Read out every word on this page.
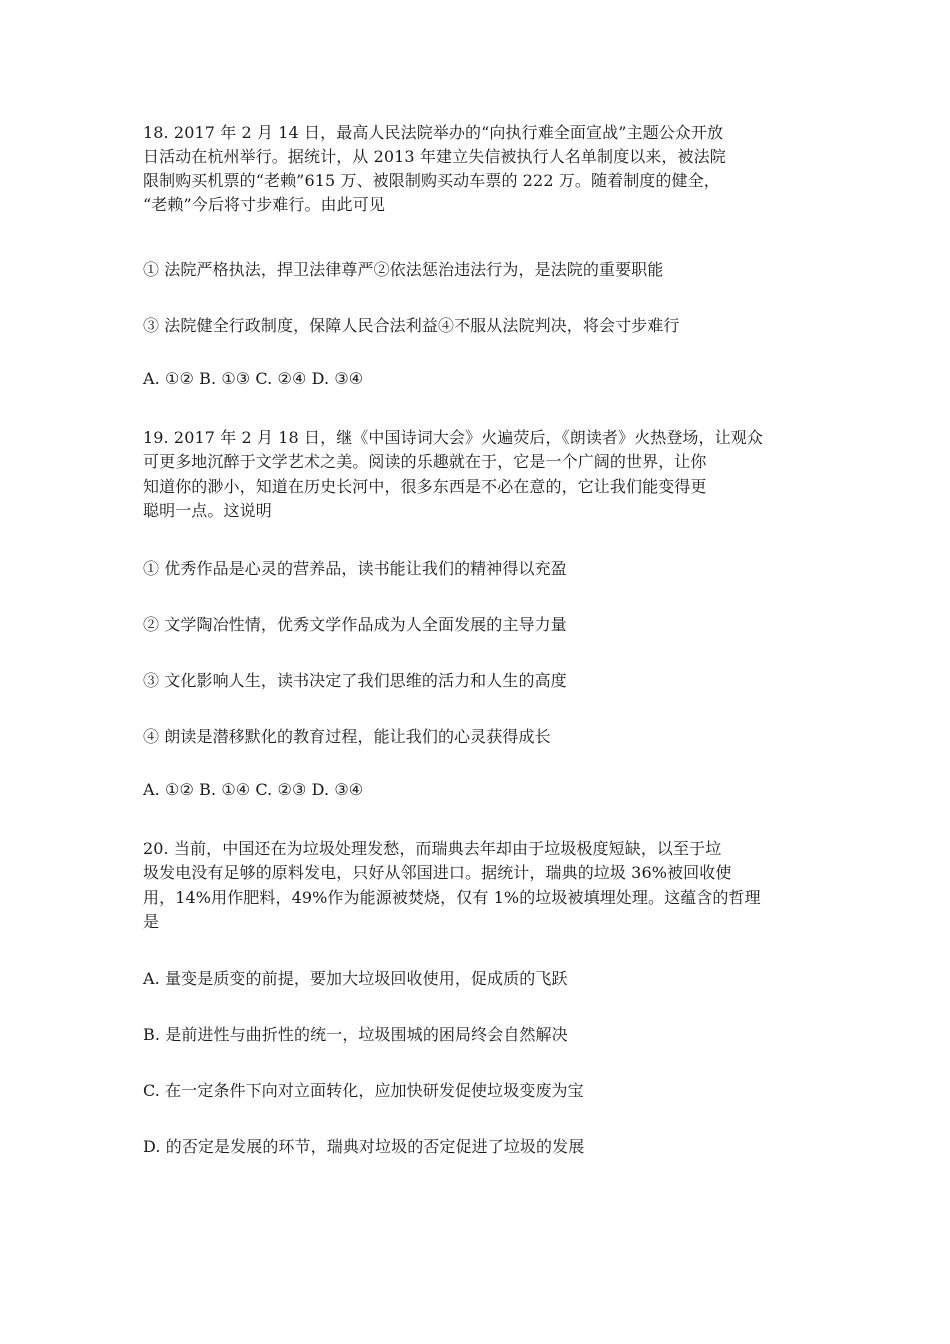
18. 2017 年 2 月 14 日，最高人民法院举办的“向执行难全面宣战”主题公众开放
日活动在杭州举行。据统计，从 2013 年建立失信被执行人名单制度以来，被法院
限制购买机票的“老赖”615 万、被限制购买动车票的 222 万。随着制度的健全，
“老赖”今后将寸步难行。由此可见
① 法院严格执法，捍卫法律尊严②依法惩治违法行为，是法院的重要职能
③ 法院健全行政制度，保障人民合法利益④不服从法院判决，将会寸步难行
A. ①② B. ①③ C. ②④ D. ③④
19. 2017 年 2 月 18 日，继《中国诗词大会》火遍荧后，《朗读者》火热登场，让观众
可更多地沉醉于文学艺术之美。阅读的乐趣就在于，它是一个广阔的世界，让你
知道你的渺小，知道在历史长河中，很多东西是不必在意的，它让我们能变得更
聪明一点。这说明
① 优秀作品是心灵的营养品，读书能让我们的精神得以充盈
② 文学陶冶性情，优秀文学作品成为人全面发展的主导力量
③ 文化影响人生，读书决定了我们思维的活力和人生的高度
④ 朗读是潜移默化的教育过程，能让我们的心灵获得成长
A. ①② B. ①④ C. ②③ D. ③④
20. 当前，中国还在为垃圾处理发愁，而瑞典去年却由于垃圾极度短缺，以至于垃
圾发电没有足够的原料发电，只好从邻国进口。据统计，瑞典的垃圾 36%被回收使
用，14%用作肥料，49%作为能源被焚烧，仅有 1%的垃圾被填埋处理。这蕴含的哲理
是
A. 量变是质变的前提，要加大垃圾回收使用，促成质的飞跃
B. 是前进性与曲折性的统一，垃圾围城的困局终会自然解决
C. 在一定条件下向对立面转化，应加快研发促使垃圾变废为宝
D. 的否定是发展的环节，瑞典对垃圾的否定促进了垃圾的发展
